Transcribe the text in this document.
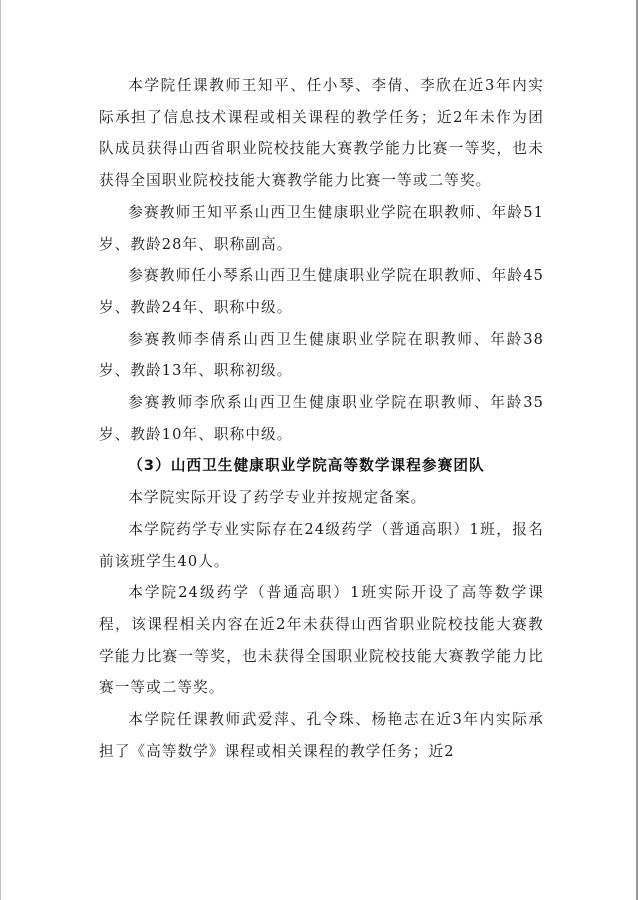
本学院任课教师王知平、任小琴、李倩、李欣在近3年内实际承担了信息技术课程或相关课程的教学任务；近2年未作为团队成员获得山西省职业院校技能大赛教学能力比赛一等奖，也未获得全国职业院校技能大赛教学能力比赛一等或二等奖。

参赛教师王知平系山西卫生健康职业学院在职教师、年龄51岁、教龄28年、职称副高。

参赛教师任小琴系山西卫生健康职业学院在职教师、年龄45岁、教龄24年、职称中级。

参赛教师李倩系山西卫生健康职业学院在职教师、年龄38岁、教龄13年、职称初级。

参赛教师李欣系山西卫生健康职业学院在职教师、年龄35岁、教龄10年、职称中级。

（3）山西卫生健康职业学院高等数学课程参赛团队

本学院实际开设了药学专业并按规定备案。

本学院药学专业实际存在24级药学（普通高职）1班，报名前该班学生40人。

本学院24级药学（普通高职）1班实际开设了高等数学课程，该课程相关内容在近2年未获得山西省职业院校技能大赛教学能力比赛一等奖，也未获得全国职业院校技能大赛教学能力比赛一等或二等奖。

本学院任课教师武爱萍、孔令珠、杨艳志在近3年内实际承担了《高等数学》课程或相关课程的教学任务；近2
